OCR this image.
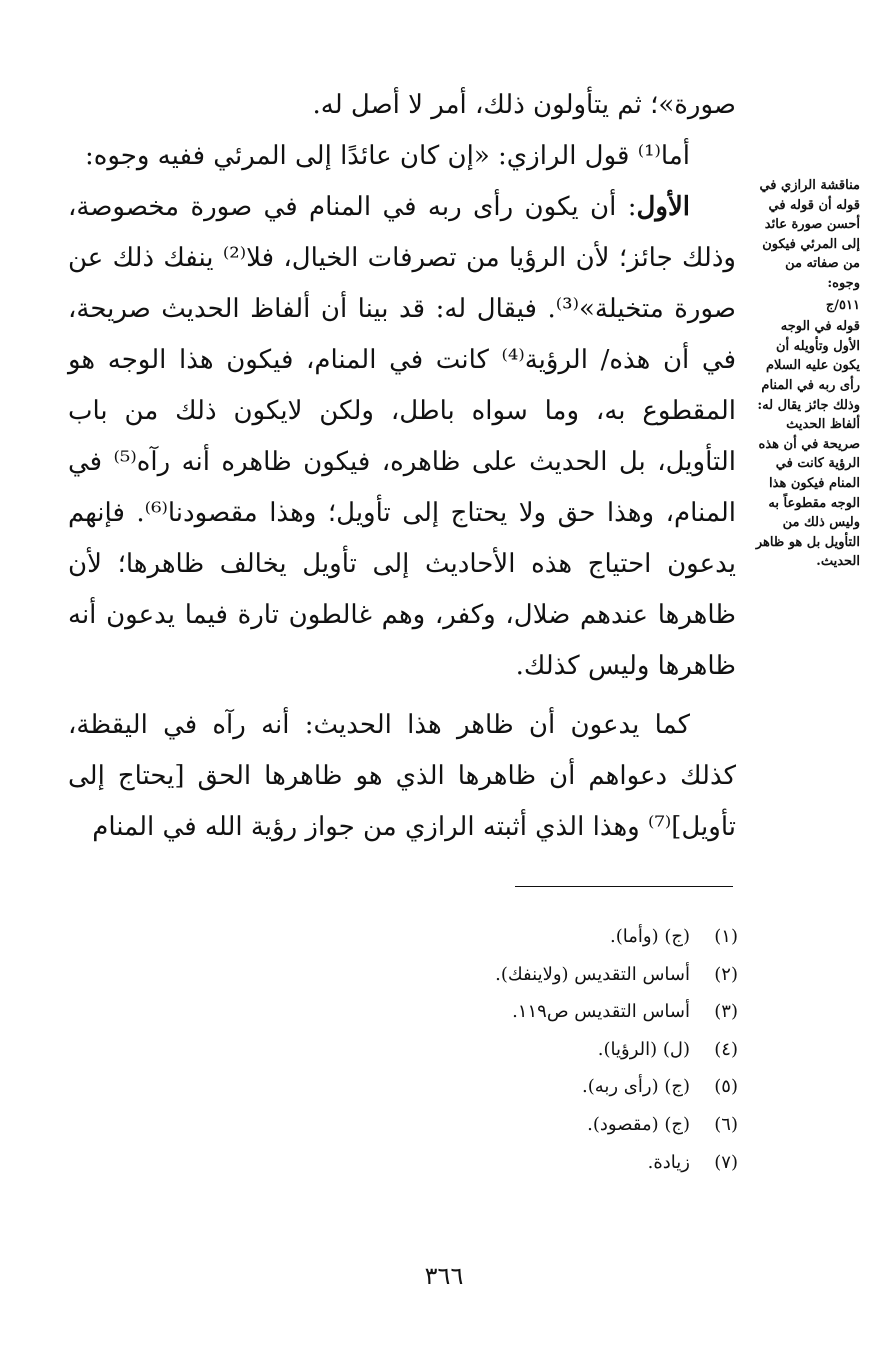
صورة»؛ ثم يتأولون ذلك، أمر لا أصل له.

أما⁽¹⁾ قول الرازي: «إن كان عائدًا إلى المرئي ففيه وجوه:

الأول: أن يكون رأى ربه في المنام في صورة مخصوصة، وذلك جائز؛ لأن الرؤيا من تصرفات الخيال، فلا⁽²⁾ ينفك ذلك عن صورة متخيلة»⁽³⁾. فيقال له: قد بينا أن ألفاظ الحديث صريحة، في أن هذه/ الرؤية⁽⁴⁾ كانت في المنام، فيكون هذا الوجه هو المقطوع به، وما سواه باطل، ولكن لايكون ذلك من باب التأويل، بل الحديث على ظاهره، فيكون ظاهره أنه رآه⁽⁵⁾ في المنام، وهذا حق ولا يحتاج إلى تأويل؛ وهذا مقصودنا⁽⁶⁾. فإنهم يدعون احتياج هذه الأحاديث إلى تأويل يخالف ظاهرها؛ لأن ظاهرها عندهم ضلال، وكفر، وهم غالطون تارة فيما يدعون أنه ظاهرها وليس كذلك.

كما يدعون أن ظاهر هذا الحديث: أنه رآه في اليقظة، كذلك دعواهم أن ظاهرها الذي هو ظاهرها الحق [يحتاج إلى تأويل]⁽⁷⁾ وهذا الذي أثبته الرازي من جواز رؤية الله في المنام

مناقشة الرازي في قوله أن قوله في أحسن صورة عائد إلى المرئي فيكون من صفاته من وجوه:

٥١١/ج

قوله في الوجه الأول وتأويله أن يكون عليه السلام رأى ربه في المنام وذلك جائز يقال له: ألفاظ الحديث صريحة في أن هذه الرؤية كانت في المنام فيكون هذا الوجه مقطوعاً به وليس ذلك من التأويل بل هو ظاهر الحديث.

(١)(ج) (وأما).
(٢)أساس التقديس (ولاينفك).
(٣)أساس التقديس ص١١٩.
(٤)(ل) (الرؤيا).
(٥)(ج) (رأى ربه).
(٦)(ج) (مقصود).
(٧)زيادة.
٣٦٦
